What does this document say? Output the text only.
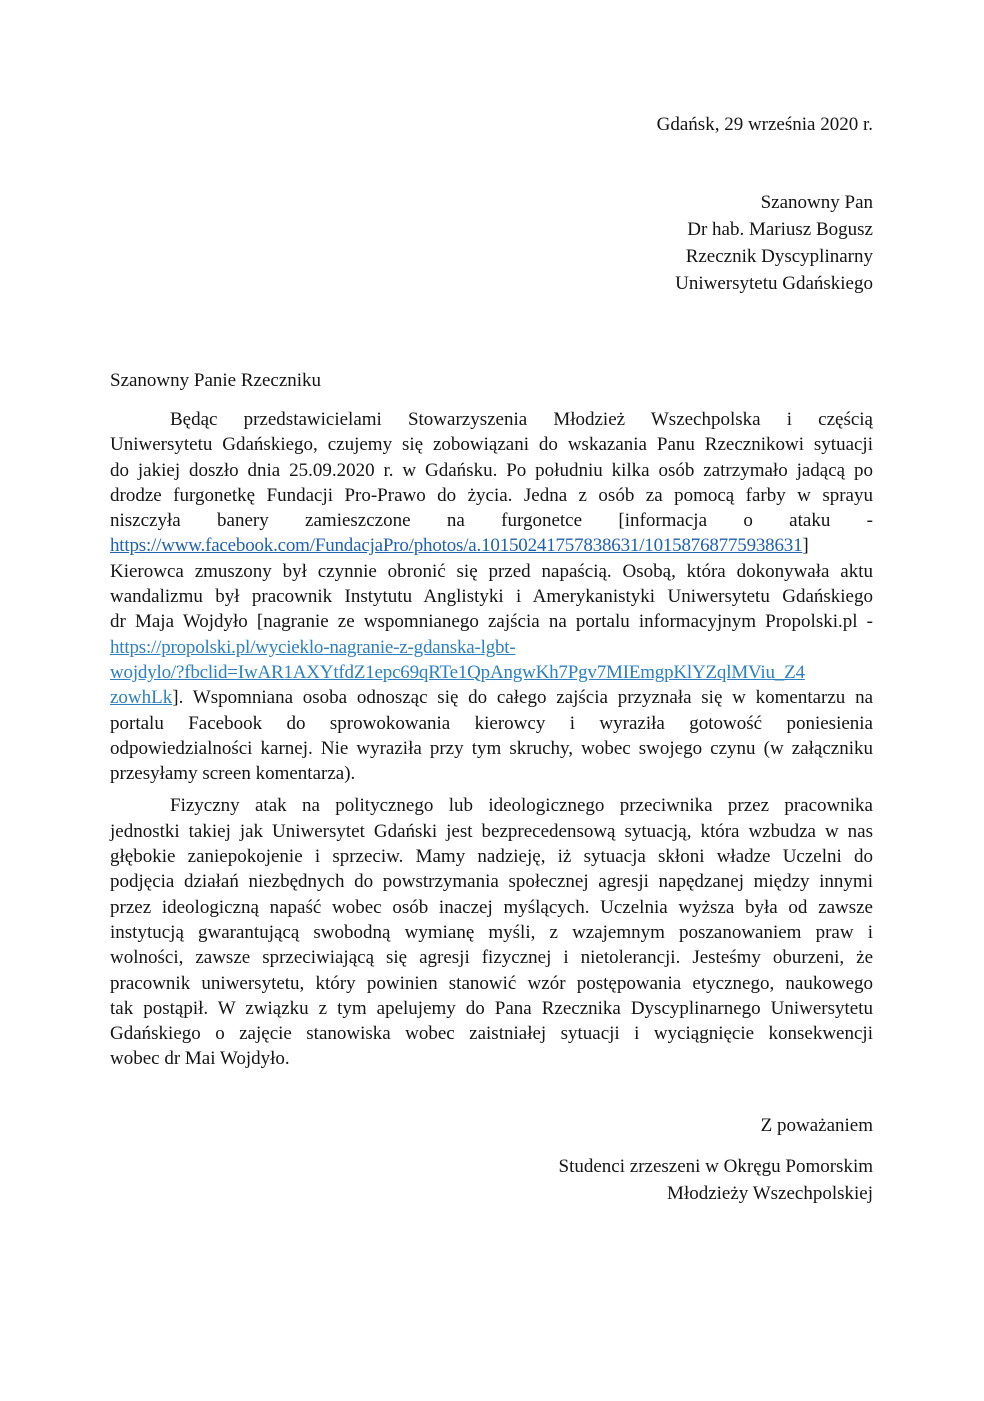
Gdańsk, 29 września 2020 r.
Szanowny Pan
Dr hab. Mariusz Bogusz
Rzecznik Dyscyplinarny
Uniwersytetu Gdańskiego
Szanowny Panie Rzeczniku
Będąc przedstawicielami Stowarzyszenia Młodzież Wszechpolska i częścią
Uniwersytetu Gdańskiego, czujemy się zobowiązani do wskazania Panu Rzecznikowi sytuacji
do jakiej doszło dnia 25.09.2020 r. w Gdańsku. Po południu kilka osób zatrzymało jadącą po
drodze furgonetkę Fundacji Pro-Prawo do życia. Jedna z osób za pomocą farby w sprayu
niszczyła banery zamieszczone na furgonetce [informacja o ataku -
https://www.facebook.com/FundacjaPro/photos/a.10150241757838631/10158768775938631]
Kierowca zmuszony był czynnie obronić się przed napaścią. Osobą, która dokonywała aktu
wandalizmu był pracownik Instytutu Anglistyki i Amerykanistyki Uniwersytetu Gdańskiego
dr Maja Wojdyło [nagranie ze wspomnianego zajścia na portalu informacyjnym Propolski.pl -
https://propolski.pl/wycieklo-nagranie-z-gdanska-lgbt-
wojdylo/?fbclid=IwAR1AXYtfdZ1epc69qRTe1QpAngwKh7Pgv7MIEmgpKlYZqlMViu_Z4
zowhLk]. Wspomniana osoba odnosząc się do całego zajścia przyznała się w komentarzu na
portalu Facebook do sprowokowania kierowcy i wyraziła gotowość poniesienia
odpowiedzialności karnej. Nie wyraziła przy tym skruchy, wobec swojego czynu (w załączniku
przesyłamy screen komentarza).
Fizyczny atak na politycznego lub ideologicznego przeciwnika przez pracownika
jednostki takiej jak Uniwersytet Gdański jest bezprecedensową sytuacją, która wzbudza w nas
głębokie zaniepokojenie i sprzeciw. Mamy nadzieję, iż sytuacja skłoni władze Uczelni do
podjęcia działań niezbędnych do powstrzymania społecznej agresji napędzanej między innymi
przez ideologiczną napaść wobec osób inaczej myślących. Uczelnia wyższa była od zawsze
instytucją gwarantującą swobodną wymianę myśli, z wzajemnym poszanowaniem praw i
wolności, zawsze sprzeciwiającą się agresji fizycznej i nietolerancji. Jesteśmy oburzeni, że
pracownik uniwersytetu, który powinien stanowić wzór postępowania etycznego, naukowego
tak postąpił. W związku z tym apelujemy do Pana Rzecznika Dyscyplinarnego Uniwersytetu
Gdańskiego o zajęcie stanowiska wobec zaistniałej sytuacji i wyciągnięcie konsekwencji
wobec dr Mai Wojdyło.
Z poważaniem
Studenci zrzeszeni w Okręgu Pomorskim
Młodzieży Wszechpolskiej
